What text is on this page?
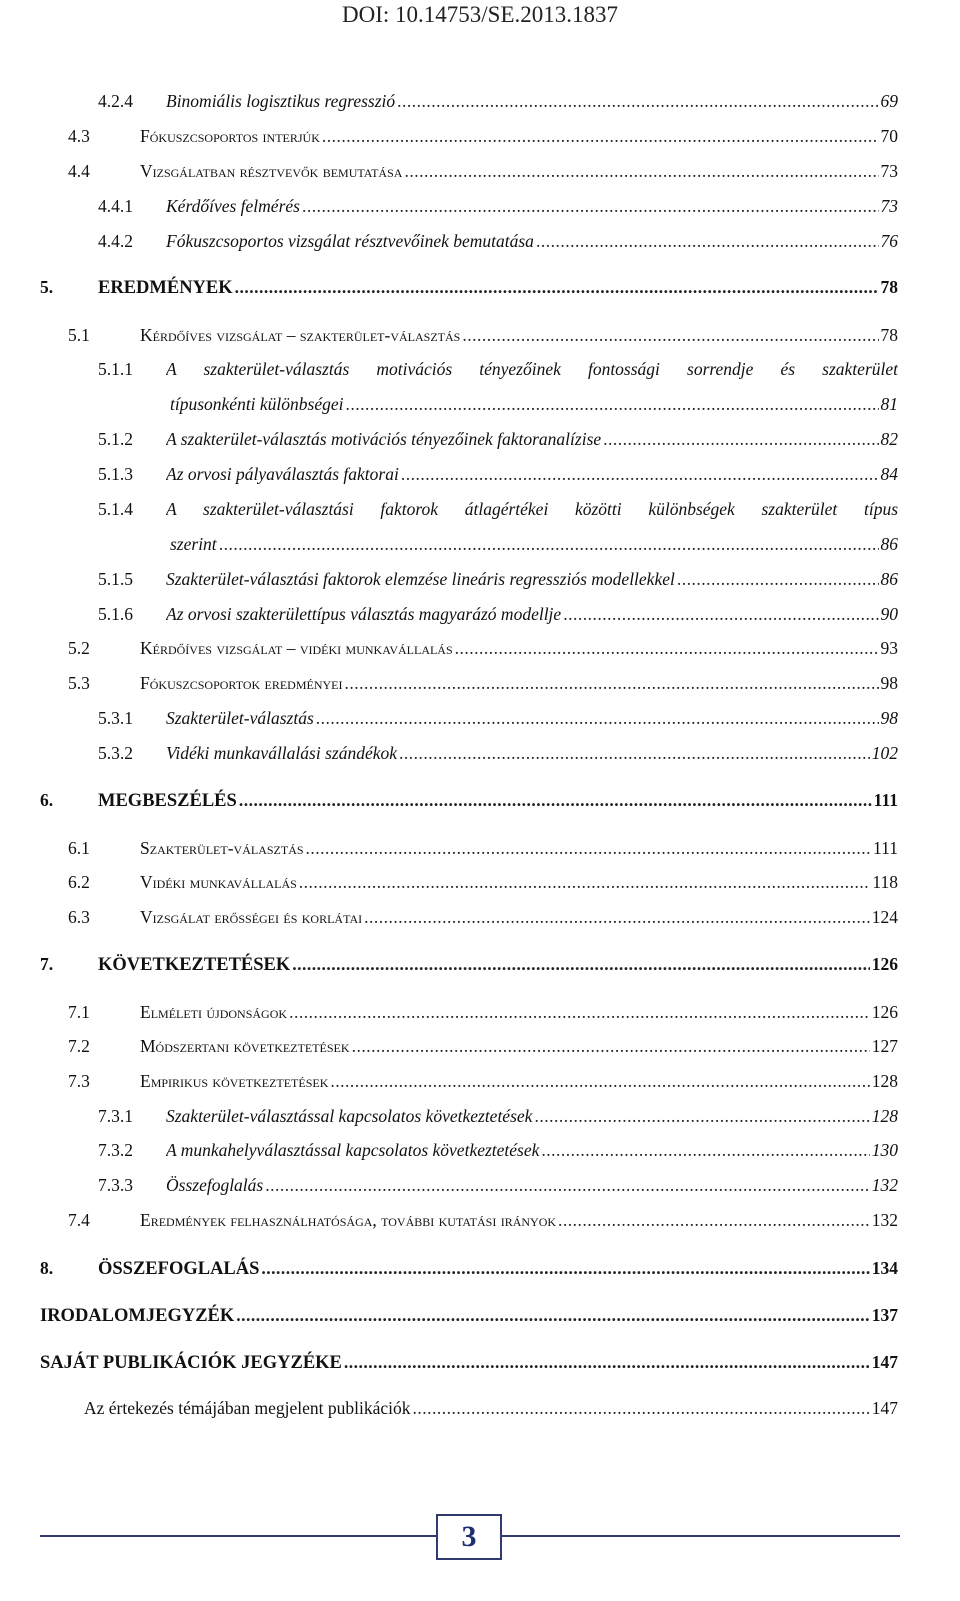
DOI: 10.14753/SE.2013.1837
4.2.4 Binomiális logisztikus regresszió .....	69
4.3	Fókuszcsoportos interjúk .....	70
4.4	Vizsgálatban résztvevők bemutatása .....	73
4.4.1 Kérdőíves felmérés .....	73
4.4.2 Fókuszcsoportos vizsgálat résztvevőinek bemutatása .....	76
5. EREDMÉNYEK .....	78
5.1	Kérdőíves vizsgálat – szakterület-választás .....	78
5.1.1 A szakterület-választás motivációs tényezőinek fontossági sorrendje és szakterület
típusonkénti különbségei .....	81
5.1.2 A szakterület-választás motivációs tényezőinek faktoranalízise .....	82
5.1.3 Az orvosi pályaválasztás faktorai .....	84
5.1.4 A szakterület-választási faktorok átlagértékei közötti különbségek szakterület típus
szerint .....	86
5.1.5 Szakterület-választási faktorok elemzése lineáris regressziós modellekkel .....	86
5.1.6 Az orvosi szakterülettípus választás magyarázó modellje .....	90
5.2	Kérdőíves vizsgálat – vidéki munkavállalás .....	93
5.3	Fókuszcsoportok eredményei .....	98
5.3.1 Szakterület-választás .....	98
5.3.2 Vidéki munkavállalási szándékok .....	102
6. MEGBESZÉLÉS .....	111
6.1	Szakterület-választás .....	111
6.2	Vidéki munkavállalás .....	118
6.3	Vizsgálat erősségei és korlátai .....	124
7. KÖVETKEZTETÉSEK .....	126
7.1	Elméleti újdonságok .....	126
7.2	Módszertani következtetések .....	127
7.3	Empirikus következtetések .....	128
7.3.1 Szakterület-választással kapcsolatos következtetések .....	128
7.3.2 A munkahelyválasztással kapcsolatos következtetések .....	130
7.3.3 Összefoglalás .....	132
7.4	Eredmények felhasználhatósága, további kutatási irányok .....	132
8. ÖSSZEFOGLALÁS .....	134
IRODALOMJEGYZÉK .....	137
SAJÁT PUBLIKÁCIÓK JEGYZÉKE .....	147
Az értekezés témájában megjelent publikációk .....	147
3
